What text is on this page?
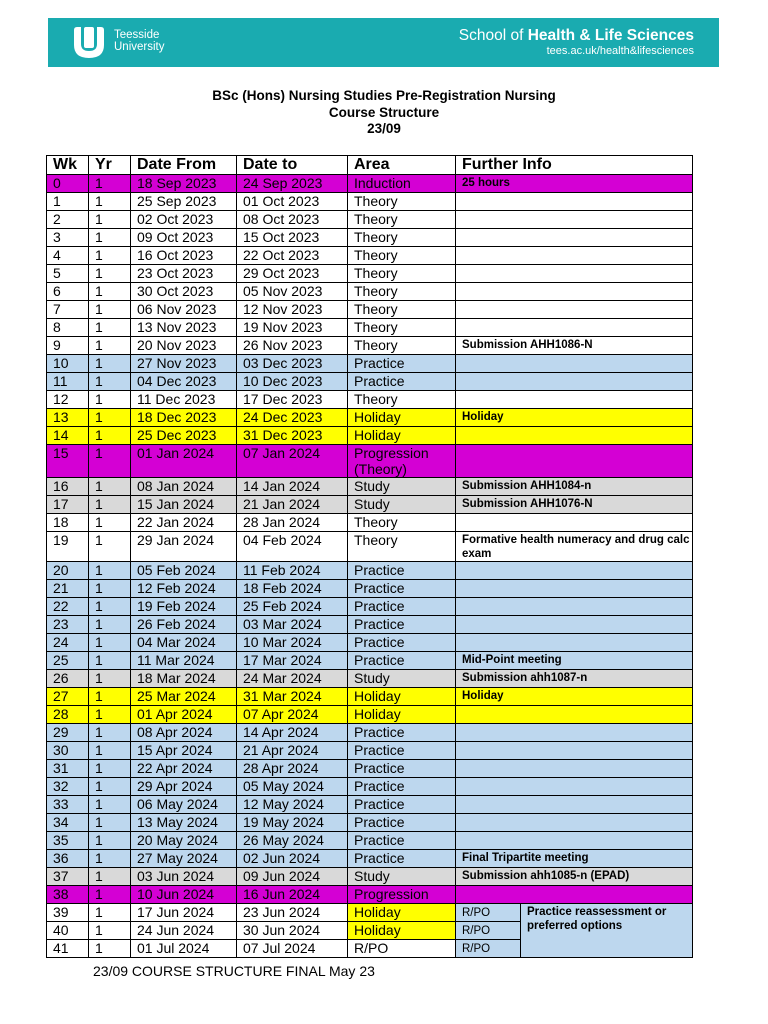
Teesside
University
School of Health & Life Sciences
tees.ac.uk/health&lifesciences
BSc (Hons) Nursing Studies Pre-Registration Nursing
Course Structure
23/09
Wk	Yr	Date From	Date to	Area	Further Info	
0	1	18 Sep 2023	24 Sep 2023	Induction	25 hours	
1	1	25 Sep 2023	01 Oct 2023	Theory		
2	1	02 Oct 2023	08 Oct 2023	Theory		
3	1	09 Oct 2023	15 Oct 2023	Theory		
4	1	16 Oct 2023	22 Oct 2023	Theory		
5	1	23 Oct 2023	29 Oct 2023	Theory		
6	1	30 Oct 2023	05 Nov 2023	Theory		
7	1	06 Nov 2023	12 Nov 2023	Theory		
8	1	13 Nov 2023	19 Nov 2023	Theory		
9	1	20 Nov 2023	26 Nov 2023	Theory	Submission AHH1086-N	
10	1	27 Nov 2023	03 Dec 2023	Practice		
11	1	04 Dec 2023	10 Dec 2023	Practice		
12	1	11 Dec 2023	17 Dec 2023	Theory		
13	1	18 Dec 2023	24 Dec 2023	Holiday	Holiday	
14	1	25 Dec 2023	31 Dec 2023	Holiday		
15	1	01 Jan 2024	07 Jan 2024	Progression (Theory)		
16	1	08 Jan 2024	14 Jan 2024	Study	Submission AHH1084-n	
17	1	15 Jan 2024	21 Jan 2024	Study	Submission AHH1076-N	
18	1	22 Jan 2024	28 Jan 2024	Theory		
19	1	29 Jan 2024	04 Feb 2024	Theory	Formative health numeracy and drug calc exam	
20	1	05 Feb 2024	11 Feb 2024	Practice		
21	1	12 Feb 2024	18 Feb 2024	Practice		
22	1	19 Feb 2024	25 Feb 2024	Practice		
23	1	26 Feb 2024	03 Mar 2024	Practice		
24	1	04 Mar 2024	10 Mar 2024	Practice		
25	1	11 Mar 2024	17 Mar 2024	Practice	Mid-Point meeting	
26	1	18 Mar 2024	24 Mar 2024	Study	Submission ahh1087-n	
27	1	25 Mar 2024	31 Mar 2024	Holiday	Holiday	
28	1	01 Apr 2024	07 Apr 2024	Holiday		
29	1	08 Apr 2024	14 Apr 2024	Practice		
30	1	15 Apr 2024	21 Apr 2024	Practice		
31	1	22 Apr 2024	28 Apr 2024	Practice		
32	1	29 Apr 2024	05 May 2024	Practice		
33	1	06 May 2024	12 May 2024	Practice		
34	1	13 May 2024	19 May 2024	Practice		
35	1	20 May 2024	26 May 2024	Practice		
36	1	27 May 2024	02 Jun 2024	Practice	Final Tripartite meeting	
37	1	03 Jun 2024	09 Jun 2024	Study	Submission ahh1085-n (EPAD)	
38	1	10 Jun 2024	16 Jun 2024	Progression		
39	1	17 Jun 2024	23 Jun 2024	Holiday	R/PO	Practice reassessment or preferred options
40	1	24 Jun 2024	30 Jun 2024	Holiday	R/PO	
41	1	01 Jul 2024	07 Jul 2024	R/PO	R/PO	
23/09 COURSE STRUCTURE FINAL May 23
